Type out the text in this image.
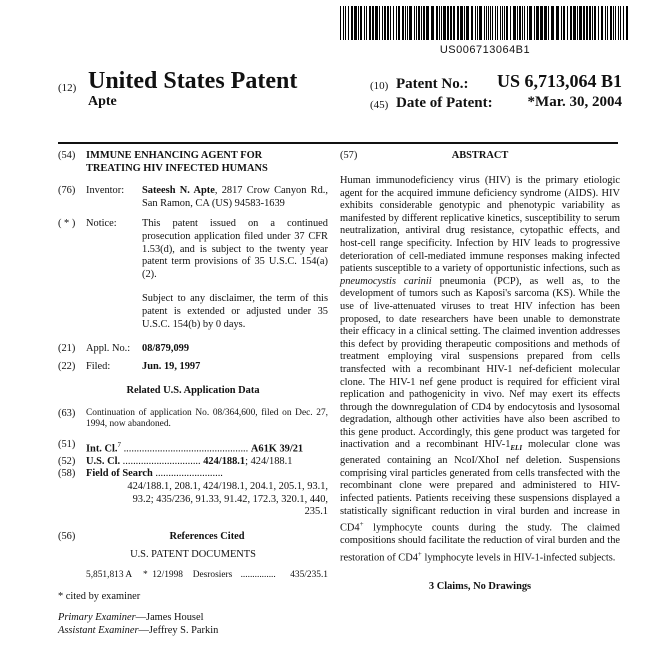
US006713064B1
(12) United States Patent
Apte
(10) Patent No.:	US 6,713,064 B1
(45) Date of Patent:	*Mar. 30, 2004
(54)	IMMUNE ENHANCING AGENT FOR
TREATING HIV INFECTED HUMANS
(76)	Inventor:	Sateesh N. Apte, 2817 Crow Canyon Rd., San Ramon, CA (US) 94583-1639
( * )	Notice:	This patent issued on a continued prosecution application filed under 37 CFR 1.53(d), and is subject to the twenty year patent term provisions of 35 U.S.C. 154(a)(2).
Subject to any disclaimer, the term of this patent is extended or adjusted under 35 U.S.C. 154(b) by 0 days.
(21)	Appl. No.:	08/879,099
(22)	Filed:	Jun. 19, 1997
Related U.S. Application Data
(63)	Continuation of application No. 08/364,600, filed on Dec. 27, 1994, now abandoned.
(51)	Int. Cl.$^7$ ................................................ A61K 39/21
(52)	U.S. Cl. .............................. 424/188.1; 424/188.1
(58)	Field of Search ..........................
424/188.1, 208.1, 424/198.1, 204.1, 205.1, 93.1, 93.2; 435/236, 91.33, 91.42, 172.3, 320.1, 440, 235.1
(56)	References Cited
U.S. PATENT DOCUMENTS
5,851,813 A	* 12/1998	Desrosiers ...............	435/235.1
* cited by examiner
Primary Examiner—James Housel
Assistant Examiner—Jeffrey S. Parkin
(57)	ABSTRACT
Human immunodeficiency virus (HIV) is the primary etiologic agent for the acquired immune deficiency syndrome (AIDS). HIV exhibits considerable genotypic and phenotypic variability as manifested by different replicative kinetics, susceptibility to serum neutralization, antiviral drug resistance, cytopathic effects, and host-cell range specificity. Infection by HIV leads to progressive deterioration of cell-mediated immune responses making infected patients susceptible to a variety of opportunistic infections, such as pneumocystis carinii pneumonia (PCP), as well as, to the development of tumors such as Kaposi's sarcoma (KS). While the use of live-attenuated viruses to treat HIV infection has been proposed, to date researchers have been unable to demonstrate their efficacy in a clinical setting. The claimed invention addresses this defect by providing therapeutic compositions and methods of treatment employing viral suspensions prepared from cells transfected with a recombinant HIV-1 nef-deficient molecular clone. The HIV-1 nef gene product is required for efficient viral replication and pathogenicity in vivo. Nef may exert its effects through the downregulation of CD4 by endocytosis and lysosomal degradation, although other activities have also been ascribed to this gene product. Accordingly, this gene product was targeted for inactivation and a recombinant HIV-$1_{ELI}$ molecular clone was generated containing an NcoI/XhoI nef deletion. Suspensions comprising viral particles generated from cells transfected with the recombinant clone were prepared and administered to HIV-infected patients. Patients receiving these suspensions displayed a statistically significant reduction in viral burden and increase in CD4+ lymphocyte counts during the study. The claimed compositions should facilitate the reduction of viral burden and the restoration of CD4+ lymphocyte levels in HIV-1-infected subjects.
3 Claims, No Drawings
